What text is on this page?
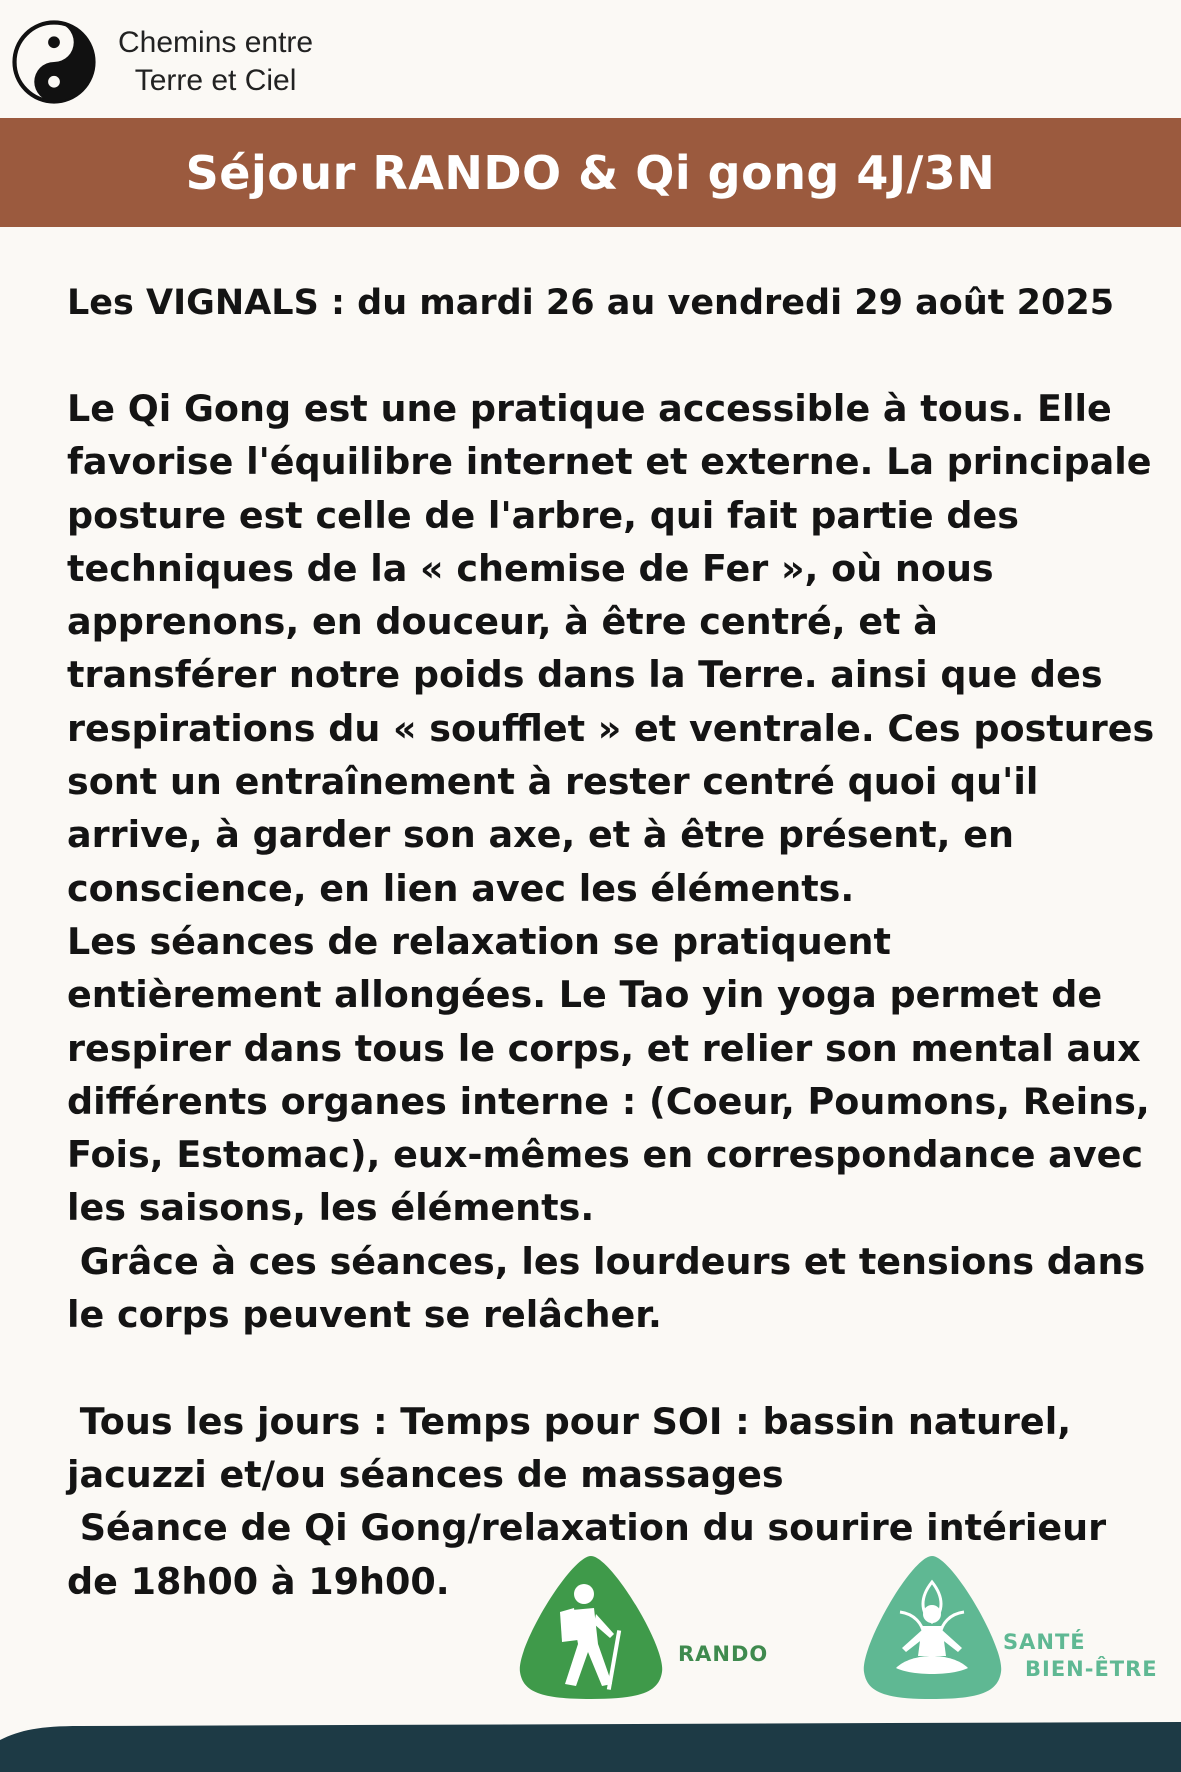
Chemins entre
Terre et Ciel
Séjour RANDO & Qi gong 4J/3N
Les VIGNALS : du mardi 26 au vendredi 29 août 2025

Le Qi Gong est une pratique accessible à tous. Elle favorise l'équilibre internet et externe. La principale posture est celle de l'arbre, qui fait partie des techniques de la « chemise de Fer », où nous apprenons, en douceur, à être centré, et à transférer notre poids dans la Terre. ainsi que des respirations du « soufflet » et ventrale. Ces postures sont un entraînement à rester centré quoi qu'il arrive, à garder son axe, et à être présent, en conscience, en lien avec les éléments.

Les séances de relaxation se pratiquent entièrement allongées. Le Tao yin yoga permet de respirer dans tous le corps, et relier son mental aux différents organes interne : (Coeur, Poumons, Reins, Fois, Estomac), eux-mêmes en correspondance avec les saisons, les éléments.

Grâce à ces séances, les lourdeurs et tensions dans le corps peuvent se relâcher.

Tous les jours : Temps pour SOI : bassin naturel, jacuzzi et/ou séances de massages

Séance de Qi Gong/relaxation du sourire intérieur de 18h00 à 19h00.

RANDO	SANTÉ
BIEN-ÊTRE
